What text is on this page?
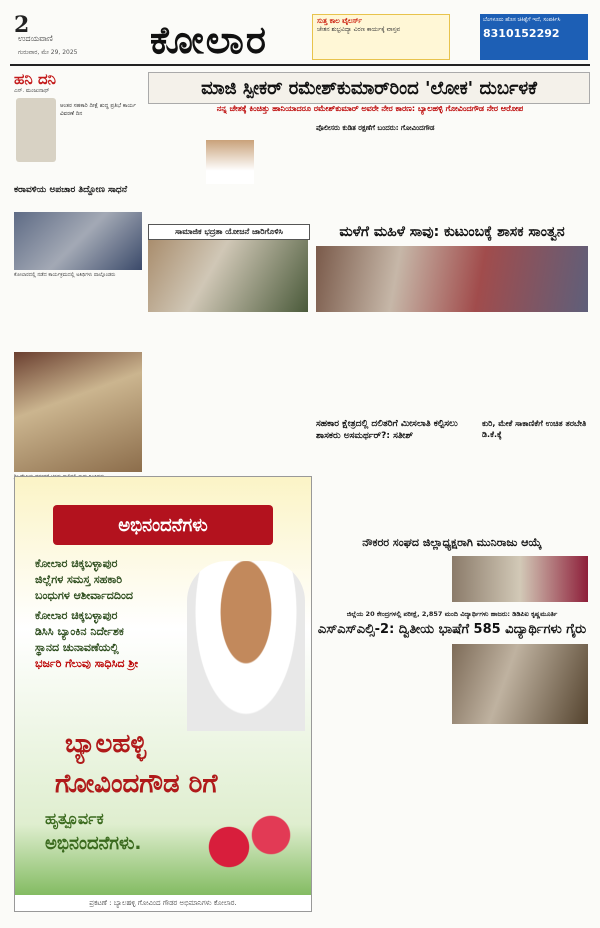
2
ಉದಯವಾಣಿ
ಗುರುವಾರ, ಮೇ 29, 2025 ಕೋಲಾರ	ಸುತ್ತ ಕಾಲ ಟೈಲರ್ಸ್
ಚೇತನ ಶುಭ್ರವಿದ್ಯಾ ವಿರಣ ಕಾರ್ಯಕ್ಕೆ ವಾಸ್ತವ
ಬೆಂಗಳೂರು ಹೊಸ ಚಿಕಿತ್ಸೆಗೆ ಇದೆ, ಸಂಪರ್ಕಿಸಿ
8310152292
ಹನಿ ದನಿ
ಎನ್. ಮಂಜುನಾಥ್
ಆಂತರ ಸಹಕಾರಿ ದೀಕ್ಷೆ ಶುದ್ಧ ಪ್ರತಿಭೆ ಕಾರ್ಯ ವಿವರಣೆ ದಿನ
ಕರಾವಳಿಯ ಅಪಚಾರ ತಿದ್ದೋಣ ಸಾಧನೆ
ಕೋಲಾರದಲ್ಲಿ ನಡೆದ ಕಾರ್ಯಕ್ರಮದಲ್ಲಿ ಅತಿಥಿಗಳು ಪಾಲ್ಗೊಂಡರು
ಮಾಜಿ ಸ್ಪೀಕರ್ ರಮೇಶ್‌ಕುಮಾರ್‌ರಿಂದ 'ಲೋಕ' ದುರ್ಬಳಕೆ
ನನ್ನ ಚೇತಕ್ಕೆ ಕಿಂಚಿತ್ತು ಹಾನಿಯಾದರೂ ರಮೇಶ್‌ಕುಮಾರ್ ಅವರೇ ನೇರ ಕಾರಣ: ಬ್ಯಾಲಹಳ್ಳಿ ಗೋವಿಂದಗೌಡ ನೇರ ಆರೋಪ
ಪೊಲೀಸರು ಕುಡಿತ ರಕ್ಷಣೆಗೆ ಬಂದರು: ಗೋವಿಂದಗೌಡ
ಸಾಮಾಜಿಕ ಭದ್ರತಾ ಯೋಜನೆ ಜಾರಿಗೊಳಿಸಿ	ಮಳೆಗೆ ಮಹಿಳೆ ಸಾವು: ಕುಟುಂಬಕ್ಕೆ ಶಾಸಕ ಸಾಂತ್ವನ
ಸಹಕಾರ ಕ್ಷೇತ್ರದಲ್ಲಿ ದಲಿತರಿಗೆ ಮೀಸಲಾತಿ ಕಲ್ಪಿಸಲು ಶಾಸಕರು ಅಸಮರ್ಥರ್?: ಸತೀಶ್
ಕುರಿ, ಮೇಕೆ ಸಾಕಾಣಿಕೆಗೆ ಉಚಿತ ತರಬೇತಿ ಡಿ.ಕೆ.ಕ್ಕೆ
ನೌಕರರ ಸಂಘದ ಜಿಲ್ಲಾಧ್ಯಕ್ಷರಾಗಿ ಮುನಿರಾಜು ಆಯ್ಕೆ
ಜಿಲ್ಲೆಯ 20 ಕೇಂದ್ರಗಳಲ್ಲಿ ಪರೀಕ್ಷೆ, 2,857 ಮಂದಿ ವಿದ್ಯಾರ್ಥಿಗಳು ಹಾಜರು: ಡಿಡಿಪಿಐ ಕೃಷ್ಣಮೂರ್ತಿ
ಎಸ್ಎಸ್ಎಲ್ಸಿ-2: ದ್ವಿತೀಯ ಭಾಷೆಗೆ 585 ವಿದ್ಯಾರ್ಥಿಗಳು ಗೈರು
ಅಭಿನಂದನೆಗಳು
ಕೋಲಾರ ಚಿಕ್ಕಬಳ್ಳಾಪುರ
ಜಿಲ್ಲೆಗಳ ಸಮಸ್ತ ಸಹಕಾರಿ
ಬಂಧುಗಳ ಆಶೀರ್ವಾದದಿಂದ
ಕೋಲಾರ ಚಿಕ್ಕಬಳ್ಳಾಪುರ
ಡಿಸಿಸಿ ಬ್ಯಾಂಕಿನ ನಿರ್ದೇಶಕ
ಸ್ಥಾನದ ಚುನಾವಣೆಯಲ್ಲಿ
ಭರ್ಜರಿ ಗೆಲುವು ಸಾಧಿಸಿದ ಶ್ರೀ
ಬ್ಯಾಲಹಳ್ಳಿ
ಗೋವಿಂದಗೌಡ ರಿಗೆ
ಹೃತ್ಪೂರ್ವಕ
ಅಭಿನಂದನೆಗಳು.
ಪ್ರಕಟಣೆ : ಬ್ಯಾಲಹಳ್ಳಿ ಗೋವಿಂದ ಗೌಡರ ಅಭಿಮಾನಿಗಳು ಕೋಲಾರ.
